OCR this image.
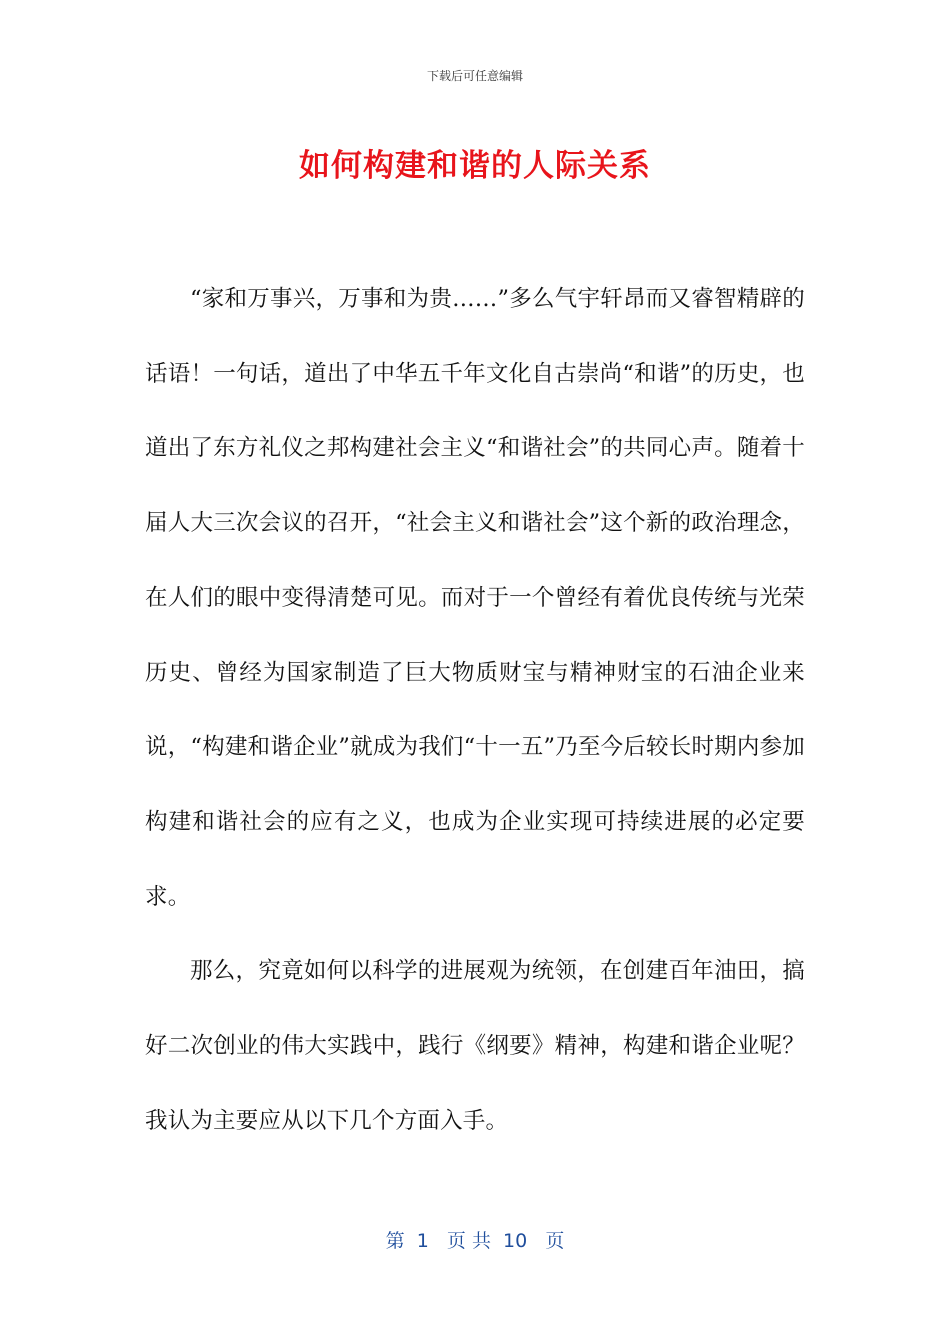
下载后可任意编辑
如何构建和谐的人际关系

“家和万事兴，万事和为贵……”多么气宇轩昂而又睿智精辟的话语！一句话，道出了中华五千年文化自古崇尚“和谐”的历史，也道出了东方礼仪之邦构建社会主义“和谐社会”的共同心声。随着十届人大三次会议的召开，“社会主义和谐社会”这个新的政治理念，在人们的眼中变得清楚可见。而对于一个曾经有着优良传统与光荣历史、曾经为国家制造了巨大物质财宝与精神财宝的石油企业来说，“构建和谐企业”就成为我们“十一五”乃至今后较长时期内参加构建和谐社会的应有之义，也成为企业实现可持续进展的必定要求。

那么，究竟如何以科学的进展观为统领，在创建百年油田，搞好二次创业的伟大实践中，践行《纲要》精神，构建和谐企业呢？我认为主要应从以下几个方面入手。

第  1   页 共  10   页
